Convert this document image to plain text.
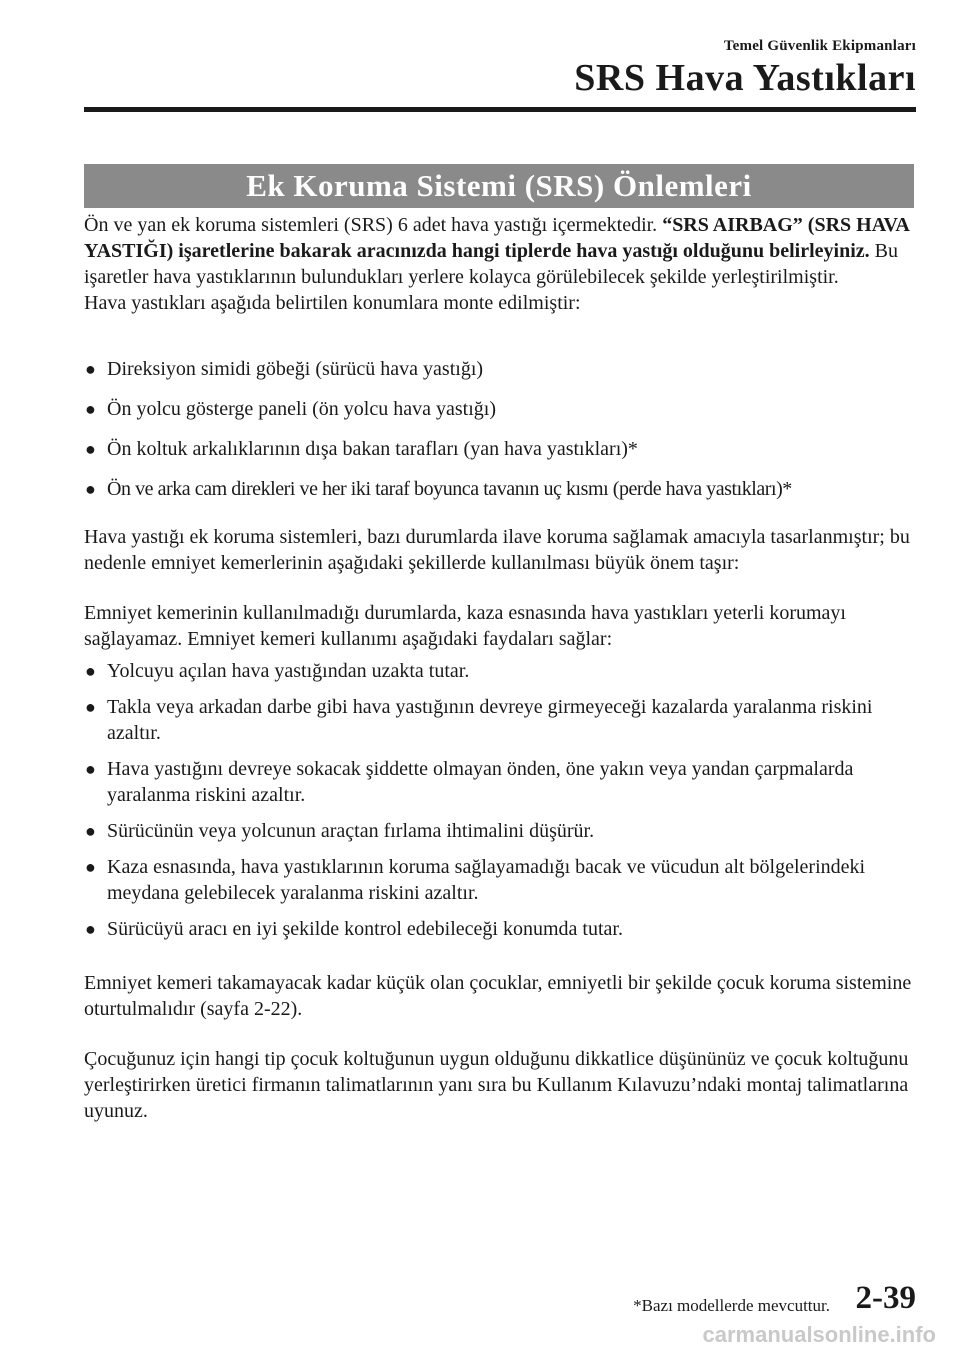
Temel Güvenlik Ekipmanları
SRS Hava Yastıkları
Ek Koruma Sistemi (SRS) Önlemleri

Ön ve yan ek koruma sistemleri (SRS) 6 adet hava yastığı içermektedir. “SRS AIRBAG” (SRS HAVA YASTIĞI) işaretlerine bakarak aracınızda hangi tiplerde hava yastığı olduğunu belirleyiniz. Bu işaretler hava yastıklarının bulundukları yerlere kolayca görülebilecek şekilde yerleştirilmiştir.

Hava yastıkları aşağıda belirtilen konumlara monte edilmiştir:

● Direksiyon simidi göbeği (sürücü hava yastığı)
● Ön yolcu gösterge paneli (ön yolcu hava yastığı)
● Ön koltuk arkalıklarının dışa bakan tarafları (yan hava yastıkları)*
● Ön ve arka cam direkleri ve her iki taraf boyunca tavanın uç kısmı (perde hava yastıkları)*

Hava yastığı ek koruma sistemleri, bazı durumlarda ilave koruma sağlamak amacıyla tasarlanmıştır; bu nedenle emniyet kemerlerinin aşağıdaki şekillerde kullanılması büyük önem taşır:

Emniyet kemerinin kullanılmadığı durumlarda, kaza esnasında hava yastıkları yeterli korumayı sağlayamaz. Emniyet kemeri kullanımı aşağıdaki faydaları sağlar:

● Yolcuyu açılan hava yastığından uzakta tutar.
● Takla veya arkadan darbe gibi hava yastığının devreye girmeyeceği kazalarda yaralanma riskini azaltır.
● Hava yastığını devreye sokacak şiddette olmayan önden, öne yakın veya yandan çarpmalarda yaralanma riskini azaltır.
● Sürücünün veya yolcunun araçtan fırlama ihtimalini düşürür.
● Kaza esnasında, hava yastıklarının koruma sağlayamadığı bacak ve vücudun alt bölgelerindeki meydana gelebilecek yaralanma riskini azaltır.
● Sürücüyü aracı en iyi şekilde kontrol edebileceği konumda tutar.

Emniyet kemeri takamayacak kadar küçük olan çocuklar, emniyetli bir şekilde çocuk koruma sistemine oturtulmalıdır (sayfa 2-22).

Çocuğunuz için hangi tip çocuk koltuğunun uygun olduğunu dikkatlice düşününüz ve çocuk koltuğunu yerleştirirken üretici firmanın talimatlarının yanı sıra bu Kullanım Kılavuzu’ndaki montaj talimatlarına uyunuz.

*Bazı modellerde mevcuttur. 2-39
carmanualsonline.info
